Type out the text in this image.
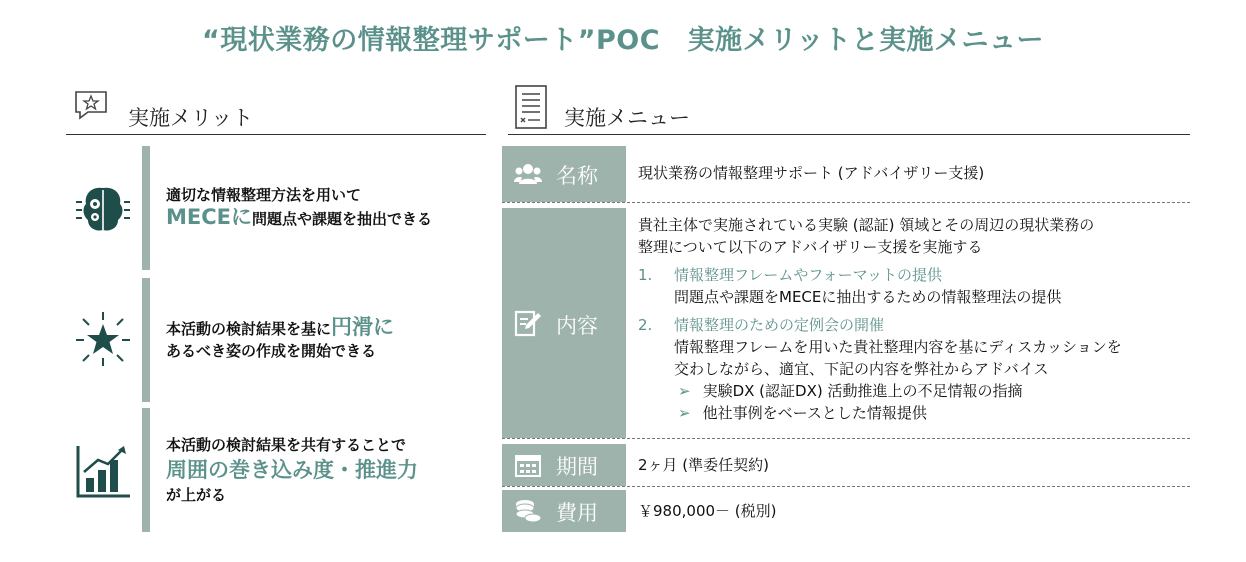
“現状業務の情報整理サポート”POC　実施メリットと実施メニュー
実施メリット	実施メニュー
適切な情報整理方法を用いて
MECEに問題点や課題を抽出できる
本活動の検討結果を基に円滑に
あるべき姿の作成を開始できる
本活動の検討結果を共有することで
周囲の巻き込み度・推進力
が上がる
名称	現状業務の情報整理サポート (アドバイザリー支援)
内容
貴社主体で実施されている実験 (認証) 領域とその周辺の現状業務の
整理について以下のアドバイザリー支援を実施する
1. 情報整理フレームやフォーマットの提供
問題点や課題をMECEに抽出するための情報整理法の提供
2. 情報整理のための定例会の開催
情報整理フレームを用いた貴社整理内容を基にディスカッションを
交わしながら、適宜、下記の内容を弊社からアドバイス
➢ 実験DX (認証DX) 活動推進上の不足情報の指摘
➢ 他社事例をベースとした情報提供
期間	2ヶ月 (準委任契約)
費用	￥980,000－ (税別)
